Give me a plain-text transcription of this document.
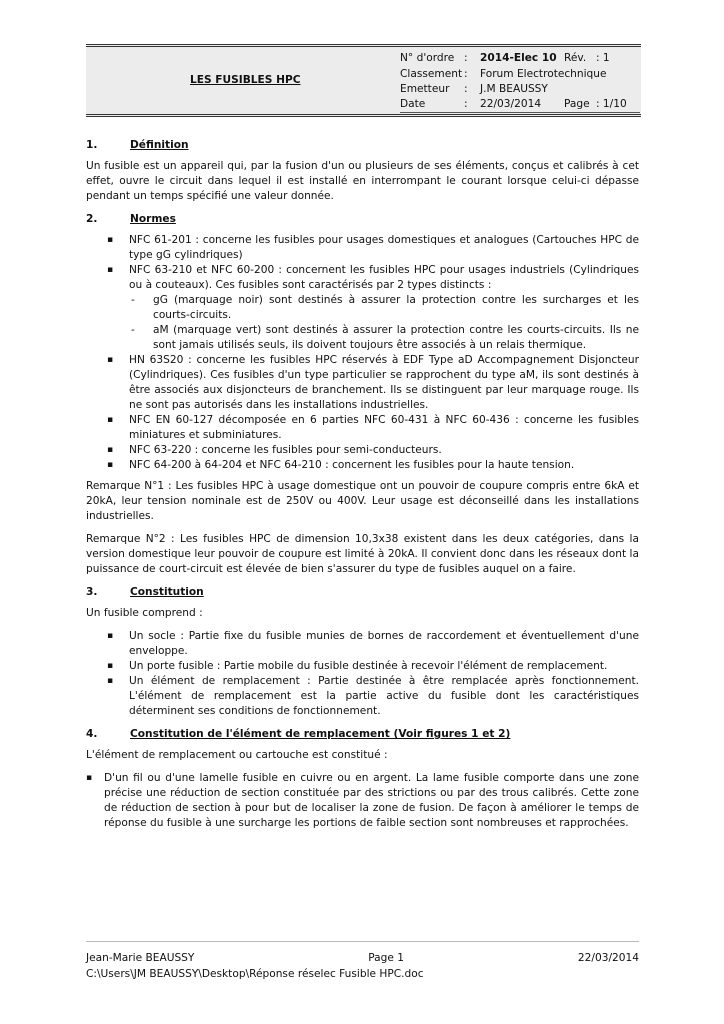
LES FUSIBLES HPC
N° d'ordre :	2014-Elec 10 Rév. : 1
Classement :	Forum Electrotechnique
Emetteur	:	J.M BEAUSSY
Date	:	22/03/2014	Page : 1/10
1.	Définition

Un fusible est un appareil qui, par la fusion d'un ou plusieurs de ses éléments, conçus et calibrés à cet effet, ouvre le circuit dans lequel il est installé en interrompant le courant lorsque celui-ci dépasse pendant un temps spécifié une valeur donnée.

2.	Normes
▪ NFC 61-201 : concerne les fusibles pour usages domestiques et analogues (Cartouches HPC de type gG cylindriques)
▪ NFC 63-210 et NFC 60-200 : concernent les fusibles HPC pour usages industriels (Cylindriques ou à couteaux). Ces fusibles sont caractérisés par 2 types distincts :
- gG (marquage noir) sont destinés à assurer la protection contre les surcharges et les courts-circuits.
- aM (marquage vert) sont destinés à assurer la protection contre les courts-circuits. Ils ne sont jamais utilisés seuls, ils doivent toujours être associés à un relais thermique.
▪ HN 63S20 : concerne les fusibles HPC réservés à EDF Type aD Accompagnement Disjoncteur (Cylindriques). Ces fusibles d'un type particulier se rapprochent du type aM, ils sont destinés à être associés aux disjoncteurs de branchement. Ils se distinguent par leur marquage rouge. Ils ne sont pas autorisés dans les installations industrielles.
▪ NFC EN 60-127 décomposée en 6 parties NFC 60-431 à NFC 60-436 : concerne les fusibles miniatures et subminiatures.
▪ NFC 63-220 : concerne les fusibles pour semi-conducteurs.
▪ NFC 64-200 à 64-204 et NFC 64-210 : concernent les fusibles pour la haute tension.

Remarque N°1 : Les fusibles HPC à usage domestique ont un pouvoir de coupure compris entre 6kA et 20kA, leur tension nominale est de 250V ou 400V. Leur usage est déconseillé dans les installations industrielles.

Remarque N°2 : Les fusibles HPC de dimension 10,3x38 existent dans les deux catégories, dans la version domestique leur pouvoir de coupure est limité à 20kA. Il convient donc dans les réseaux dont la puissance de court-circuit est élevée de bien s'assurer du type de fusibles auquel on a faire.

3.	Constitution

Un fusible comprend :

▪ Un socle : Partie fixe du fusible munies de bornes de raccordement et éventuellement d'une enveloppe.
▪ Un porte fusible : Partie mobile du fusible destinée à recevoir l'élément de remplacement.
▪ Un élément de remplacement : Partie destinée à être remplacée après fonctionnement. L'élément de remplacement est la partie active du fusible dont les caractéristiques déterminent ses conditions de fonctionnement.
4.	Constitution de l'élément de remplacement (Voir figures 1 et 2)

L'élément de remplacement ou cartouche est constitué :

▪ D'un fil ou d'une lamelle fusible en cuivre ou en argent. La lame fusible comporte dans une zone précise une réduction de section constituée par des strictions ou par des trous calibrés. Cette zone de réduction de section à pour but de localiser la zone de fusion. De façon à améliorer le temps de réponse du fusible à une surcharge les portions de faible section sont nombreuses et rapprochées.
Jean-Marie BEAUSSY	Page 1	22/03/2014
C:\Users\JM BEAUSSY\Desktop\Réponse réselec Fusible HPC.doc
